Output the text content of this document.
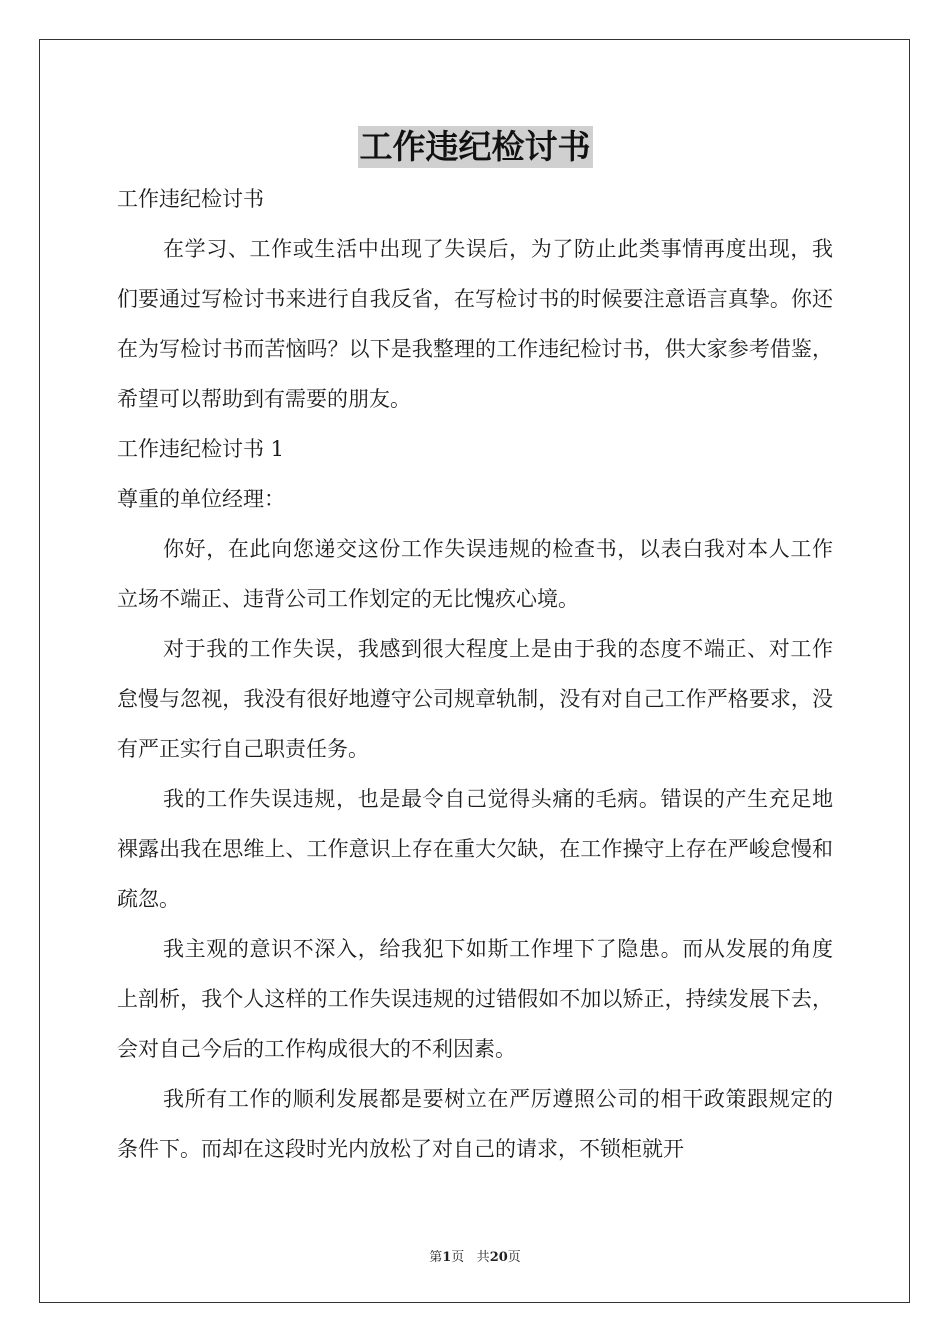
工作违纪检讨书

工作违纪检讨书

在学习、工作或生活中出现了失误后，为了防止此类事情再度出现，我们要通过写检讨书来进行自我反省，在写检讨书的时候要注意语言真挚。你还在为写检讨书而苦恼吗？以下是我整理的工作违纪检讨书，供大家参考借鉴，希望可以帮助到有需要的朋友。

工作违纪检讨书 1

尊重的单位经理：

你好，在此向您递交这份工作失误违规的检查书，以表白我对本人工作立场不端正、违背公司工作划定的无比愧疚心境。

对于我的工作失误，我感到很大程度上是由于我的态度不端正、对工作怠慢与忽视，我没有很好地遵守公司规章轨制，没有对自己工作严格要求，没有严正实行自己职责任务。

我的工作失误违规，也是最令自己觉得头痛的毛病。错误的产生充足地裸露出我在思维上、工作意识上存在重大欠缺，在工作操守上存在严峻怠慢和疏忽。

我主观的意识不深入，给我犯下如斯工作埋下了隐患。而从发展的角度上剖析，我个人这样的工作失误违规的过错假如不加以矫正，持续发展下去，会对自己今后的工作构成很大的不利因素。

我所有工作的顺利发展都是要树立在严厉遵照公司的相干政策跟规定的条件下。而却在这段时光内放松了对自己的请求，不锁柜就开

第1页 共20页
